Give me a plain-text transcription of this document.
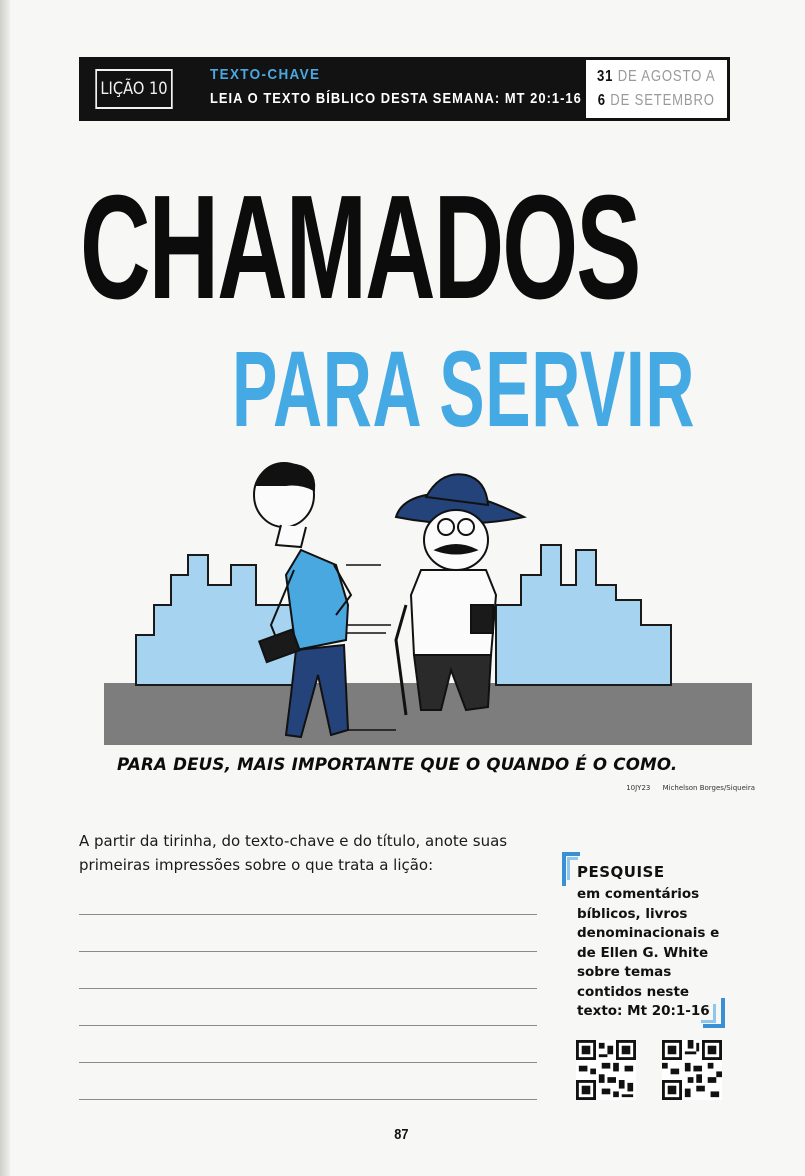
LIÇÃO 10
TEXTO-CHAVE
LEIA O TEXTO BÍBLICO DESTA SEMANA: MT 20:1-16
31 DE AGOSTO A
6 DE SETEMBRO
CHAMADOS
PARA SERVIR
PARA DEUS, MAIS IMPORTANTE QUE O QUANDO É O COMO.
10JY23 Michelson Borges/Siqueira
A partir da tirinha, do texto-chave e do título, anote suas primeiras impressões sobre o que trata a lição:	PESQUISE
em comentários bíblicos, livros denominacionais e de Ellen G. White sobre temas contidos neste texto: Mt 20:1-16
87
